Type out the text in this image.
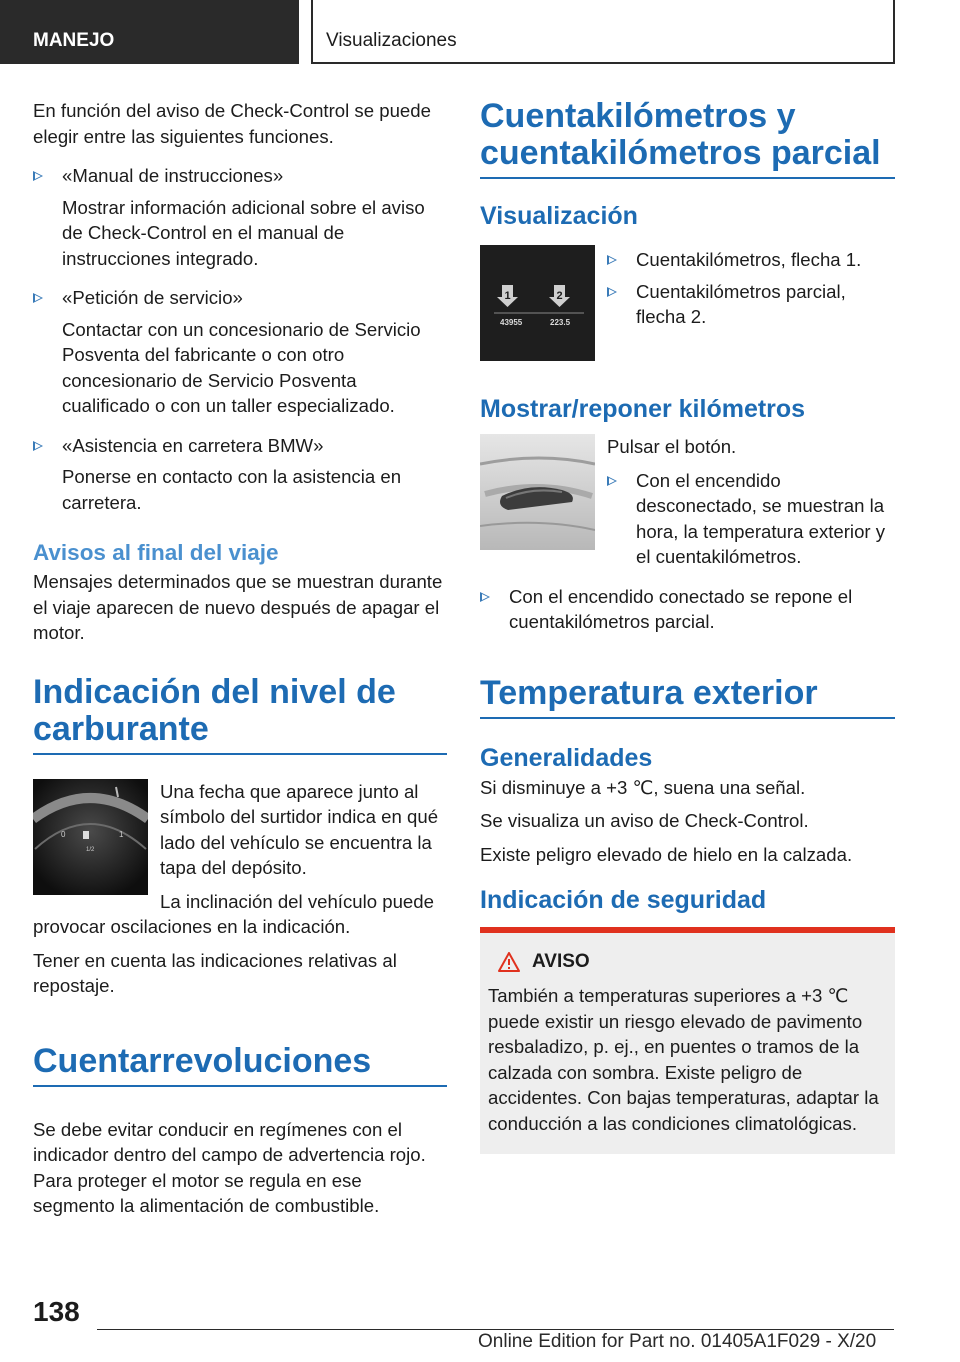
MANEJO	Visualizaciones

En función del aviso de Check-Control se puede elegir entre las siguientes funciones.

«Manual de instrucciones»

Mostrar información adicional sobre el aviso de Check-Control en el manual de instrucciones integrado.

«Petición de servicio»

Contactar con un concesionario de Servicio Posventa del fabricante o con otro concesionario de Servicio Posventa cualificado o con un taller especializado.

«Asistencia en carretera BMW»

Ponerse en contacto con la asistencia en carretera.

Avisos al final del viaje

Mensajes determinados que se muestran durante el viaje aparecen de nuevo después de apagar el motor.

Indicación del nivel de carburante
0	1
1/2

Una fecha que aparece junto al símbolo del surtidor indica en qué lado del vehículo se encuentra la tapa del depósito.

La inclinación del vehículo puede provocar oscilaciones en la indicación.

Tener en cuenta las indicaciones relativas al repostaje.

Cuentarrevoluciones

Se debe evitar conducir en regímenes con el indicador dentro del campo de advertencia rojo. Para proteger el motor se regula en ese segmento la alimentación de combustible.

Cuentakilómetros y cuentakilómetros parcial
Visualización
1	2
43955	223.5
Cuentakilómetros, flecha 1.
Cuentakilómetros parcial, flecha 2.
Mostrar/reponer kilómetros

Pulsar el botón.

Con el encendido desconectado, se muestran la hora, la temperatura exterior y el cuentakilómetros.
Con el encendido conectado se repone el cuentakilómetros parcial.
Temperatura exterior
Generalidades

Si disminuye a +3 ℃, suena una señal.

Se visualiza un aviso de Check-Control.

Existe peligro elevado de hielo en la calzada.

Indicación de seguridad
AVISO

También a temperaturas superiores a +3 ℃ puede existir un riesgo elevado de pavimento resbaladizo, p. ej., en puentes o tramos de la calzada con sombra. Existe peligro de accidentes. Con bajas temperaturas, adaptar la conducción a las condiciones climatológicas.

138
Online Edition for Part no. 01405A1F029 - X/20
